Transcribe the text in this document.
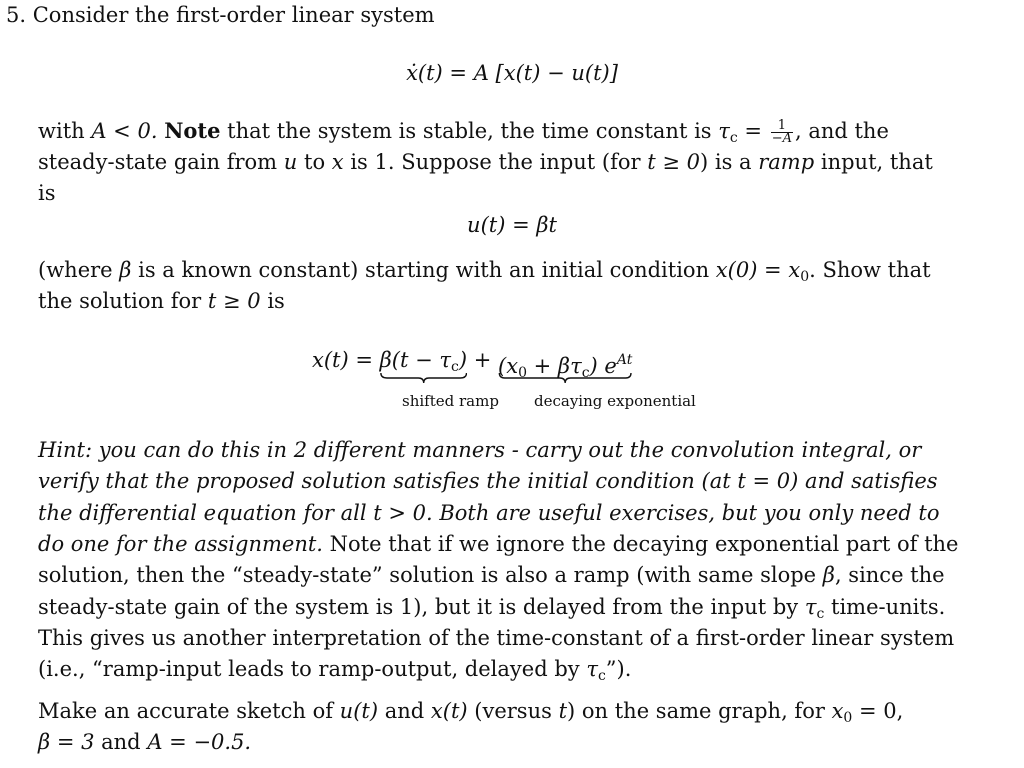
5. Consider the first-order linear system
ẋ(t) = A [x(t) − u(t)]
with A < 0. Note that the system is stable, the time constant is $\tau_c = \frac{1}{-A}$ , and the
steady-state gain from u to x is 1. Suppose the input (for t ≥ 0) is a ramp input, that
is
u(t) = βt
(where β is a known constant) starting with an initial condition $x(0) = x_0$. Show that
the solution for t ≥ 0 is
$x(t) = \beta(t - \tau_c) + (x_0 + \beta\tau_c)$ $e^{At}$
shifted ramp decaying exponential
Hint: you can do this in 2 different manners - carry out the convolution integral, or
verify that the proposed solution satisfies the initial condition (at t = 0) and satisfies
the differential equation for all t > 0. Both are useful exercises, but you only need to
do one for the assignment. Note that if we ignore the decaying exponential part of the
solution, then the “steady-state” solution is also a ramp (with same slope β, since the
steady-state gain of the system is 1), but it is delayed from the input by $\tau_c$ time-units.
This gives us another interpretation of the time-constant of a first-order linear system
(i.e., “ramp-input leads to ramp-output, delayed by $\tau_c$”).
Make an accurate sketch of u(t) and x(t) (versus t) on the same graph, for $x_0 = 0$,
β = 3 and A = −0.5.
